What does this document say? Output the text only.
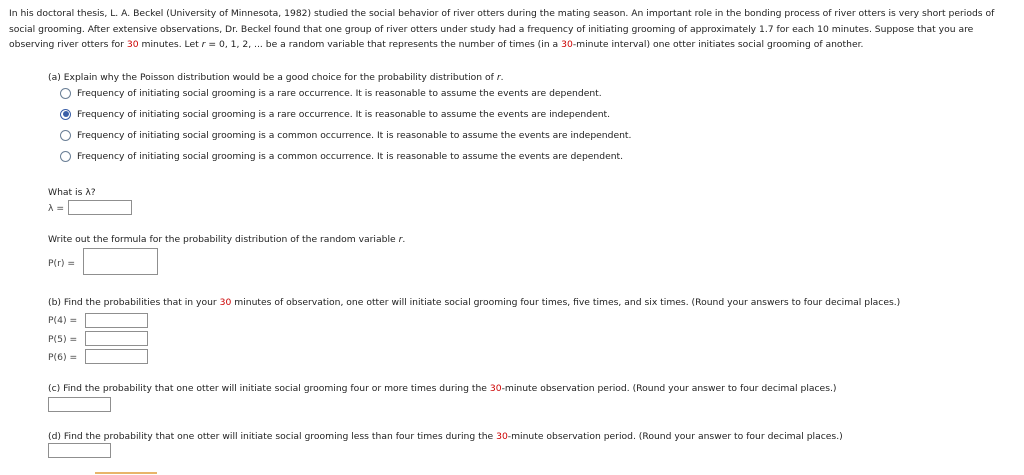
In his doctoral thesis, L. A. Beckel (University of Minnesota, 1982) studied the social behavior of river otters during the mating season. An important role in the bonding process of river otters is very short periods of social grooming. After extensive observations, Dr. Beckel found that one group of river otters under study had a frequency of initiating grooming of approximately 1.7 for each 10 minutes. Suppose that you are observing river otters for 30 minutes. Let r = 0, 1, 2, ... be a random variable that represents the number of times (in a 30-minute interval) one otter initiates social grooming of another.
(a) Explain why the Poisson distribution would be a good choice for the probability distribution of r.
Frequency of initiating social grooming is a rare occurrence. It is reasonable to assume the events are dependent.
Frequency of initiating social grooming is a rare occurrence. It is reasonable to assume the events are independent.
Frequency of initiating social grooming is a common occurrence. It is reasonable to assume the events are independent.
Frequency of initiating social grooming is a common occurrence. It is reasonable to assume the events are dependent.
What is λ?
λ =
Write out the formula for the probability distribution of the random variable r.
P(r) =
(b) Find the probabilities that in your 30 minutes of observation, one otter will initiate social grooming four times, five times, and six times. (Round your answers to four decimal places.)
P(4) =
P(5) =
P(6) =
(c) Find the probability that one otter will initiate social grooming four or more times during the 30-minute observation period. (Round your answer to four decimal places.)
(d) Find the probability that one otter will initiate social grooming less than four times during the 30-minute observation period. (Round your answer to four decimal places.)
